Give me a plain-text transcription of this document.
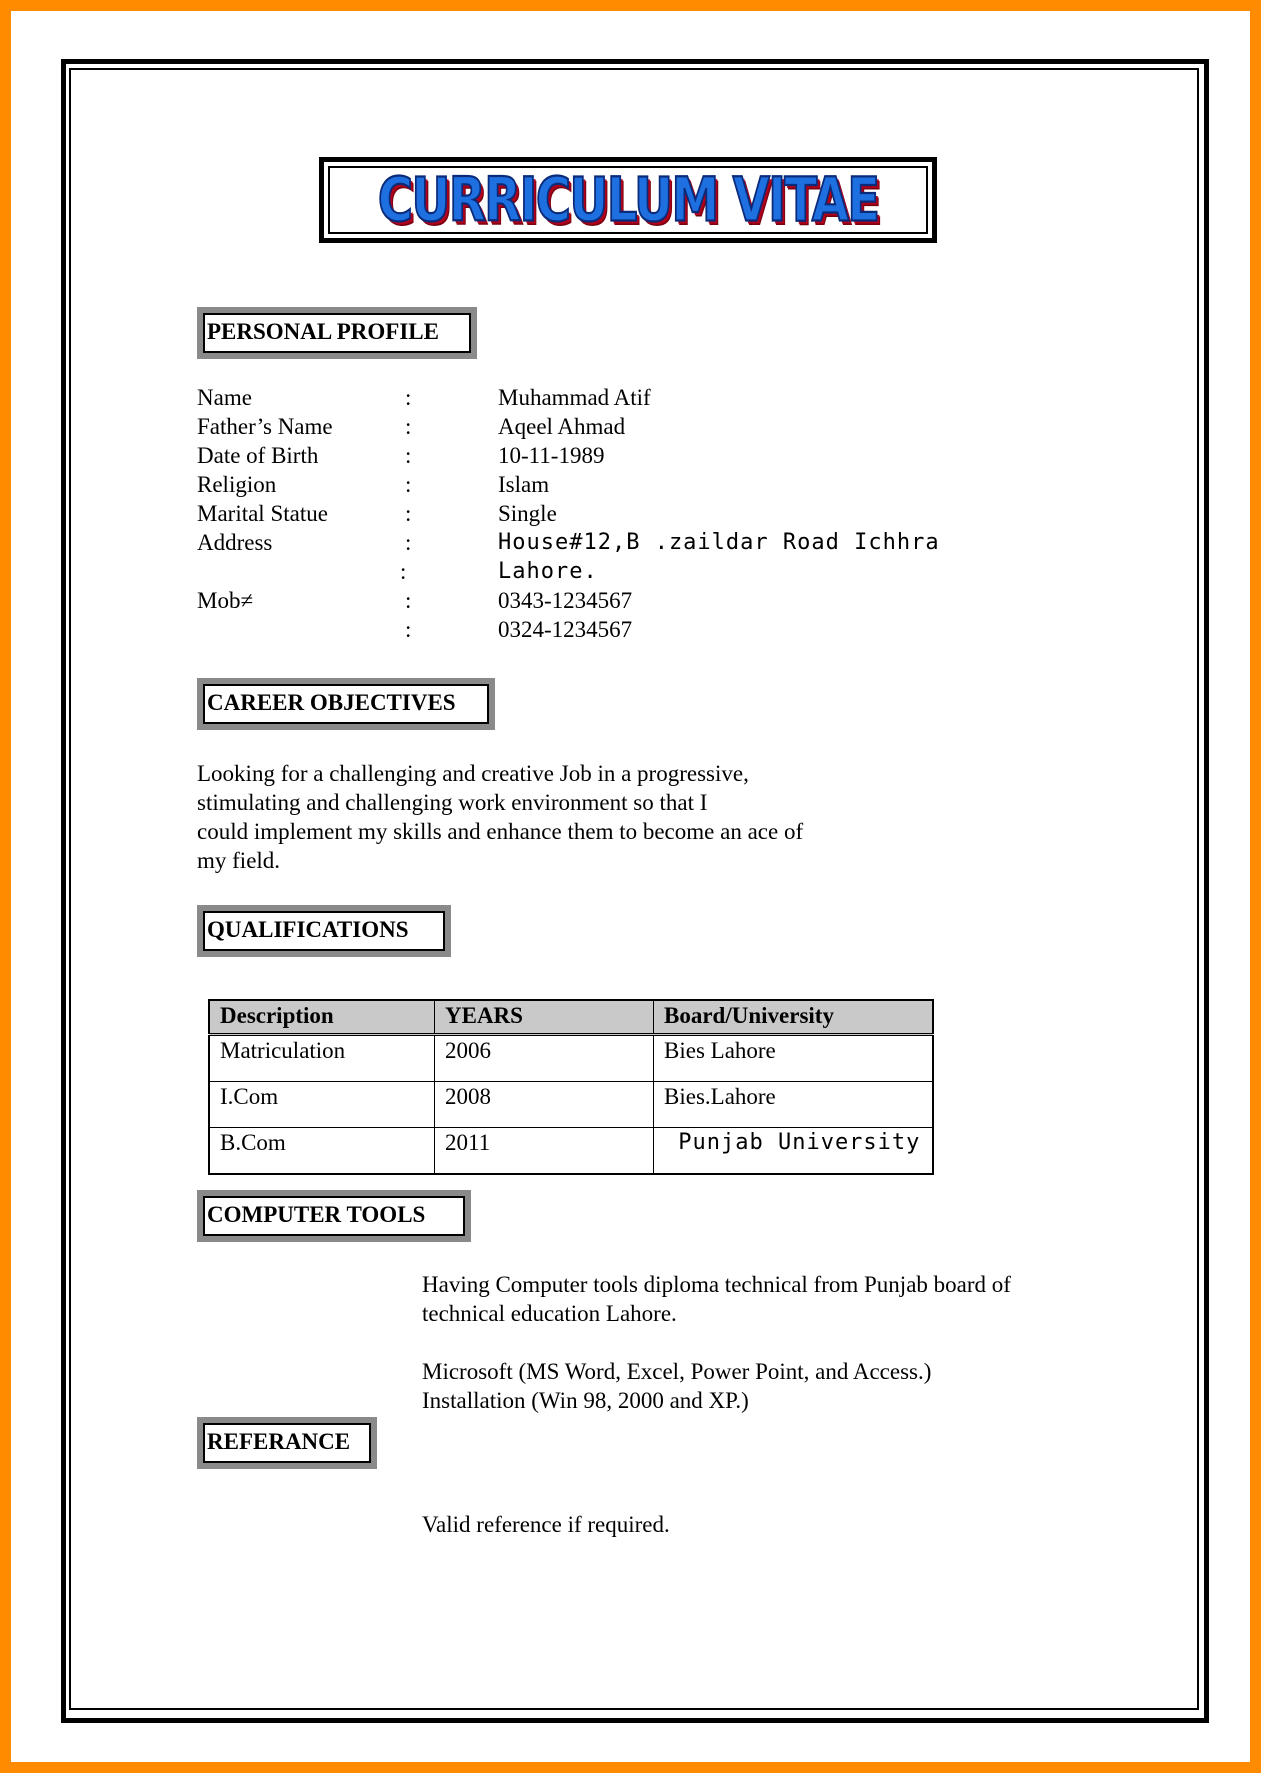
CURRICULUM VITAE
PERSONAL PROFILE
Name	:	Muhammad Atif
Father’s Name	:	Aqeel Ahmad
Date of Birth	:	10-11-1989
Religion	:	Islam
Marital Statue	:	Single
Address	:	House#12,B .zaildar Road Ichhra
:	Lahore.
Mob≠	:	0343-1234567
:	0324-1234567
CAREER OBJECTIVES
Looking for a challenging and creative Job in a progressive,
stimulating and challenging work environment so that I
could implement my skills and enhance them to become an ace of
my field.
QUALIFICATIONS
Description	YEARS	Board/University
Matriculation	2006	Bies Lahore
I.Com	2008	Bies.Lahore
B.Com	2011	Punjab University
COMPUTER TOOLS
Having Computer tools diploma technical from Punjab board of
technical education Lahore.
Microsoft (MS Word, Excel, Power Point, and Access.)
Installation (Win 98, 2000 and XP.)
REFERANCE
Valid reference if required.
